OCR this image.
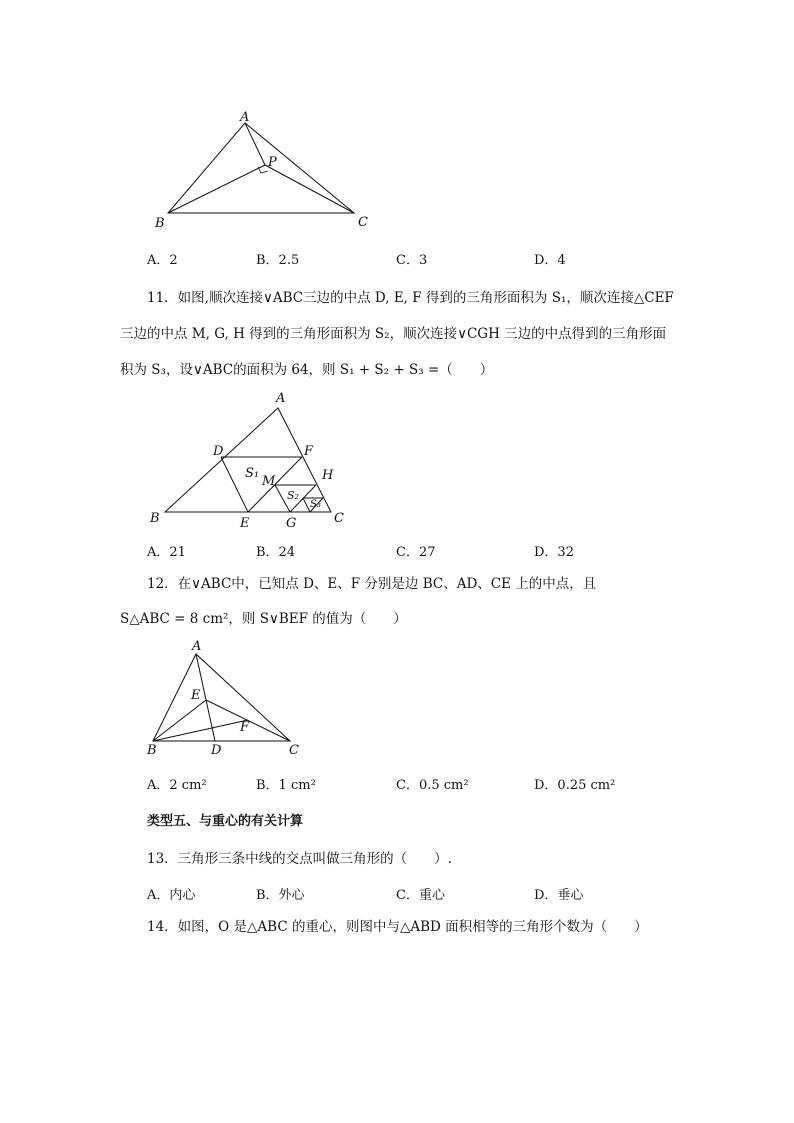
A
B	C
P
A．2	B．2.5	C．3	D．4
11．如图,顺次连接∨ABC三边的中点 D, E, F 得到的三角形面积为 S₁，顺次连接△CEF
三边的中点 M, G, H 得到的三角形面积为 S₂，顺次连接∨CGH 三边的中点得到的三角形面
积为 S₃，设∨ABC的面积为 64，则 S₁ + S₂ + S₃ =（　　）
A
B	C
D
E
F
G
H
M
S₁
S₂
S₃
A．21	B．24	C．27	D．32
12．在∨ABC中，已知点 D、E、F 分别是边 BC、AD、CE 上的中点，且
S△ABC = 8 cm²，则 S∨BEF 的值为（　　）
A
B	C
D
E
F
A．2 cm²	B．1 cm²	C．0.5 cm²	D．0.25 cm²
类型五、与重心的有关计算
13．三角形三条中线的交点叫做三角形的（　　）.
A．内心	B．外心	C．重心	D．垂心
14．如图，O 是△ABC 的重心，则图中与△ABD 面积相等的三角形个数为（　　）
